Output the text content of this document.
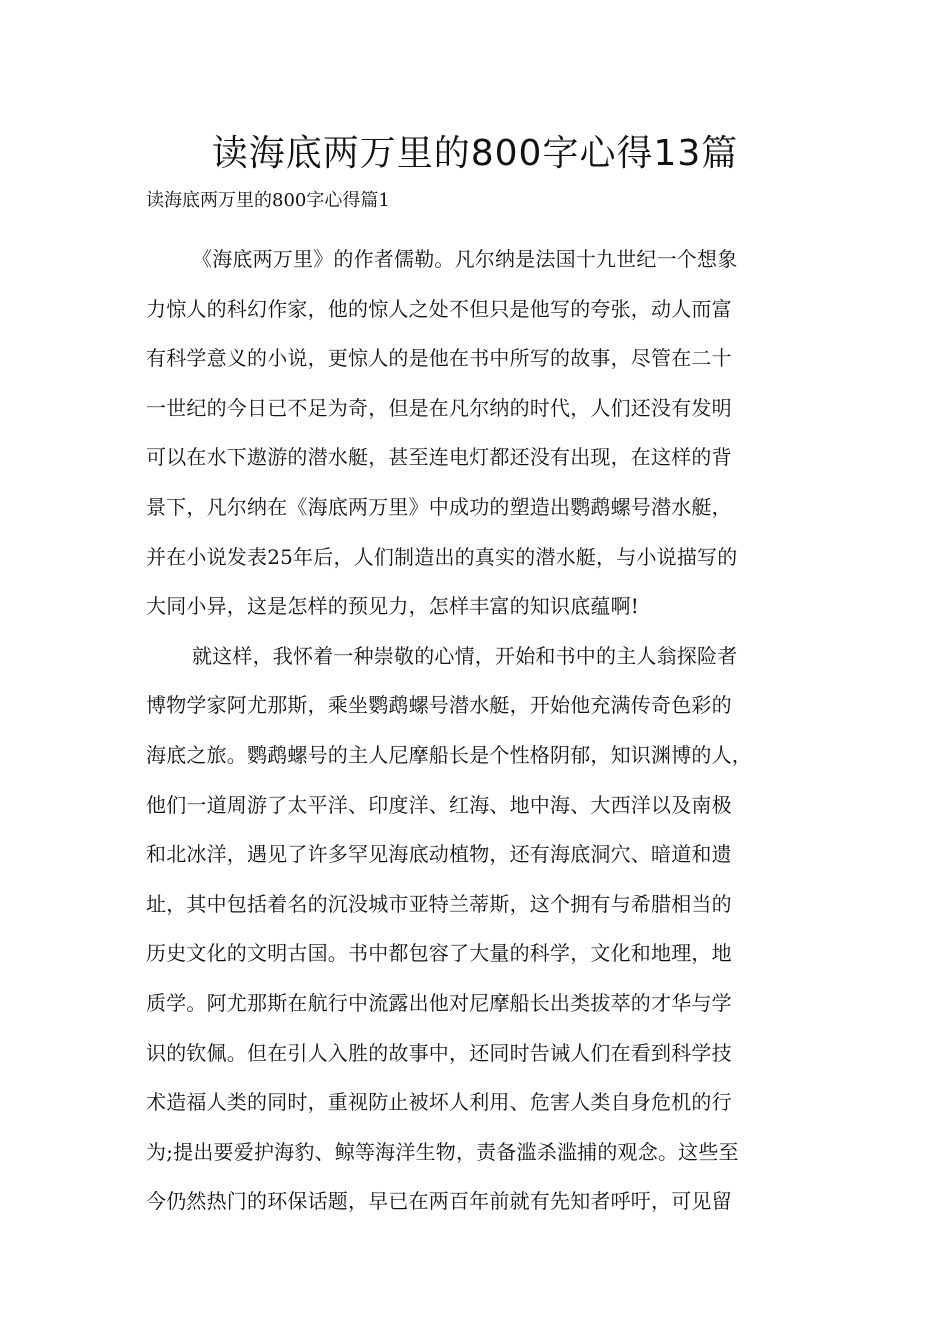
读海底两万里的800字心得13篇

读海底两万里的800字心得篇1

《海底两万里》的作者儒勒。凡尔纳是法国十九世纪一个想象
力惊人的科幻作家，他的惊人之处不但只是他写的夸张，动人而富
有科学意义的小说，更惊人的是他在书中所写的故事，尽管在二十
一世纪的今日已不足为奇，但是在凡尔纳的时代，人们还没有发明
可以在水下遨游的潜水艇，甚至连电灯都还没有出现，在这样的背
景下，凡尔纳在《海底两万里》中成功的塑造出鹦鹉螺号潜水艇，
并在小说发表25年后，人们制造出的真实的潜水艇，与小说描写的
大同小异，这是怎样的预见力，怎样丰富的知识底蕴啊!
就这样，我怀着一种崇敬的心情，开始和书中的主人翁探险者
博物学家阿尤那斯，乘坐鹦鹉螺号潜水艇，开始他充满传奇色彩的
海底之旅。鹦鹉螺号的主人尼摩船长是个性格阴郁，知识渊博的人，
他们一道周游了太平洋、印度洋、红海、地中海、大西洋以及南极
和北冰洋，遇见了许多罕见海底动植物，还有海底洞穴、暗道和遗
址，其中包括着名的沉没城市亚特兰蒂斯，这个拥有与希腊相当的
历史文化的文明古国。书中都包容了大量的科学，文化和地理，地
质学。阿尤那斯在航行中流露出他对尼摩船长出类拔萃的才华与学
识的钦佩。但在引人入胜的故事中，还同时告诫人们在看到科学技
术造福人类的同时，重视防止被坏人利用、危害人类自身危机的行
为;提出要爱护海豹、鲸等海洋生物，责备滥杀滥捕的观念。这些至
今仍然热门的环保话题，早已在两百年前就有先知者呼吁，可见留
